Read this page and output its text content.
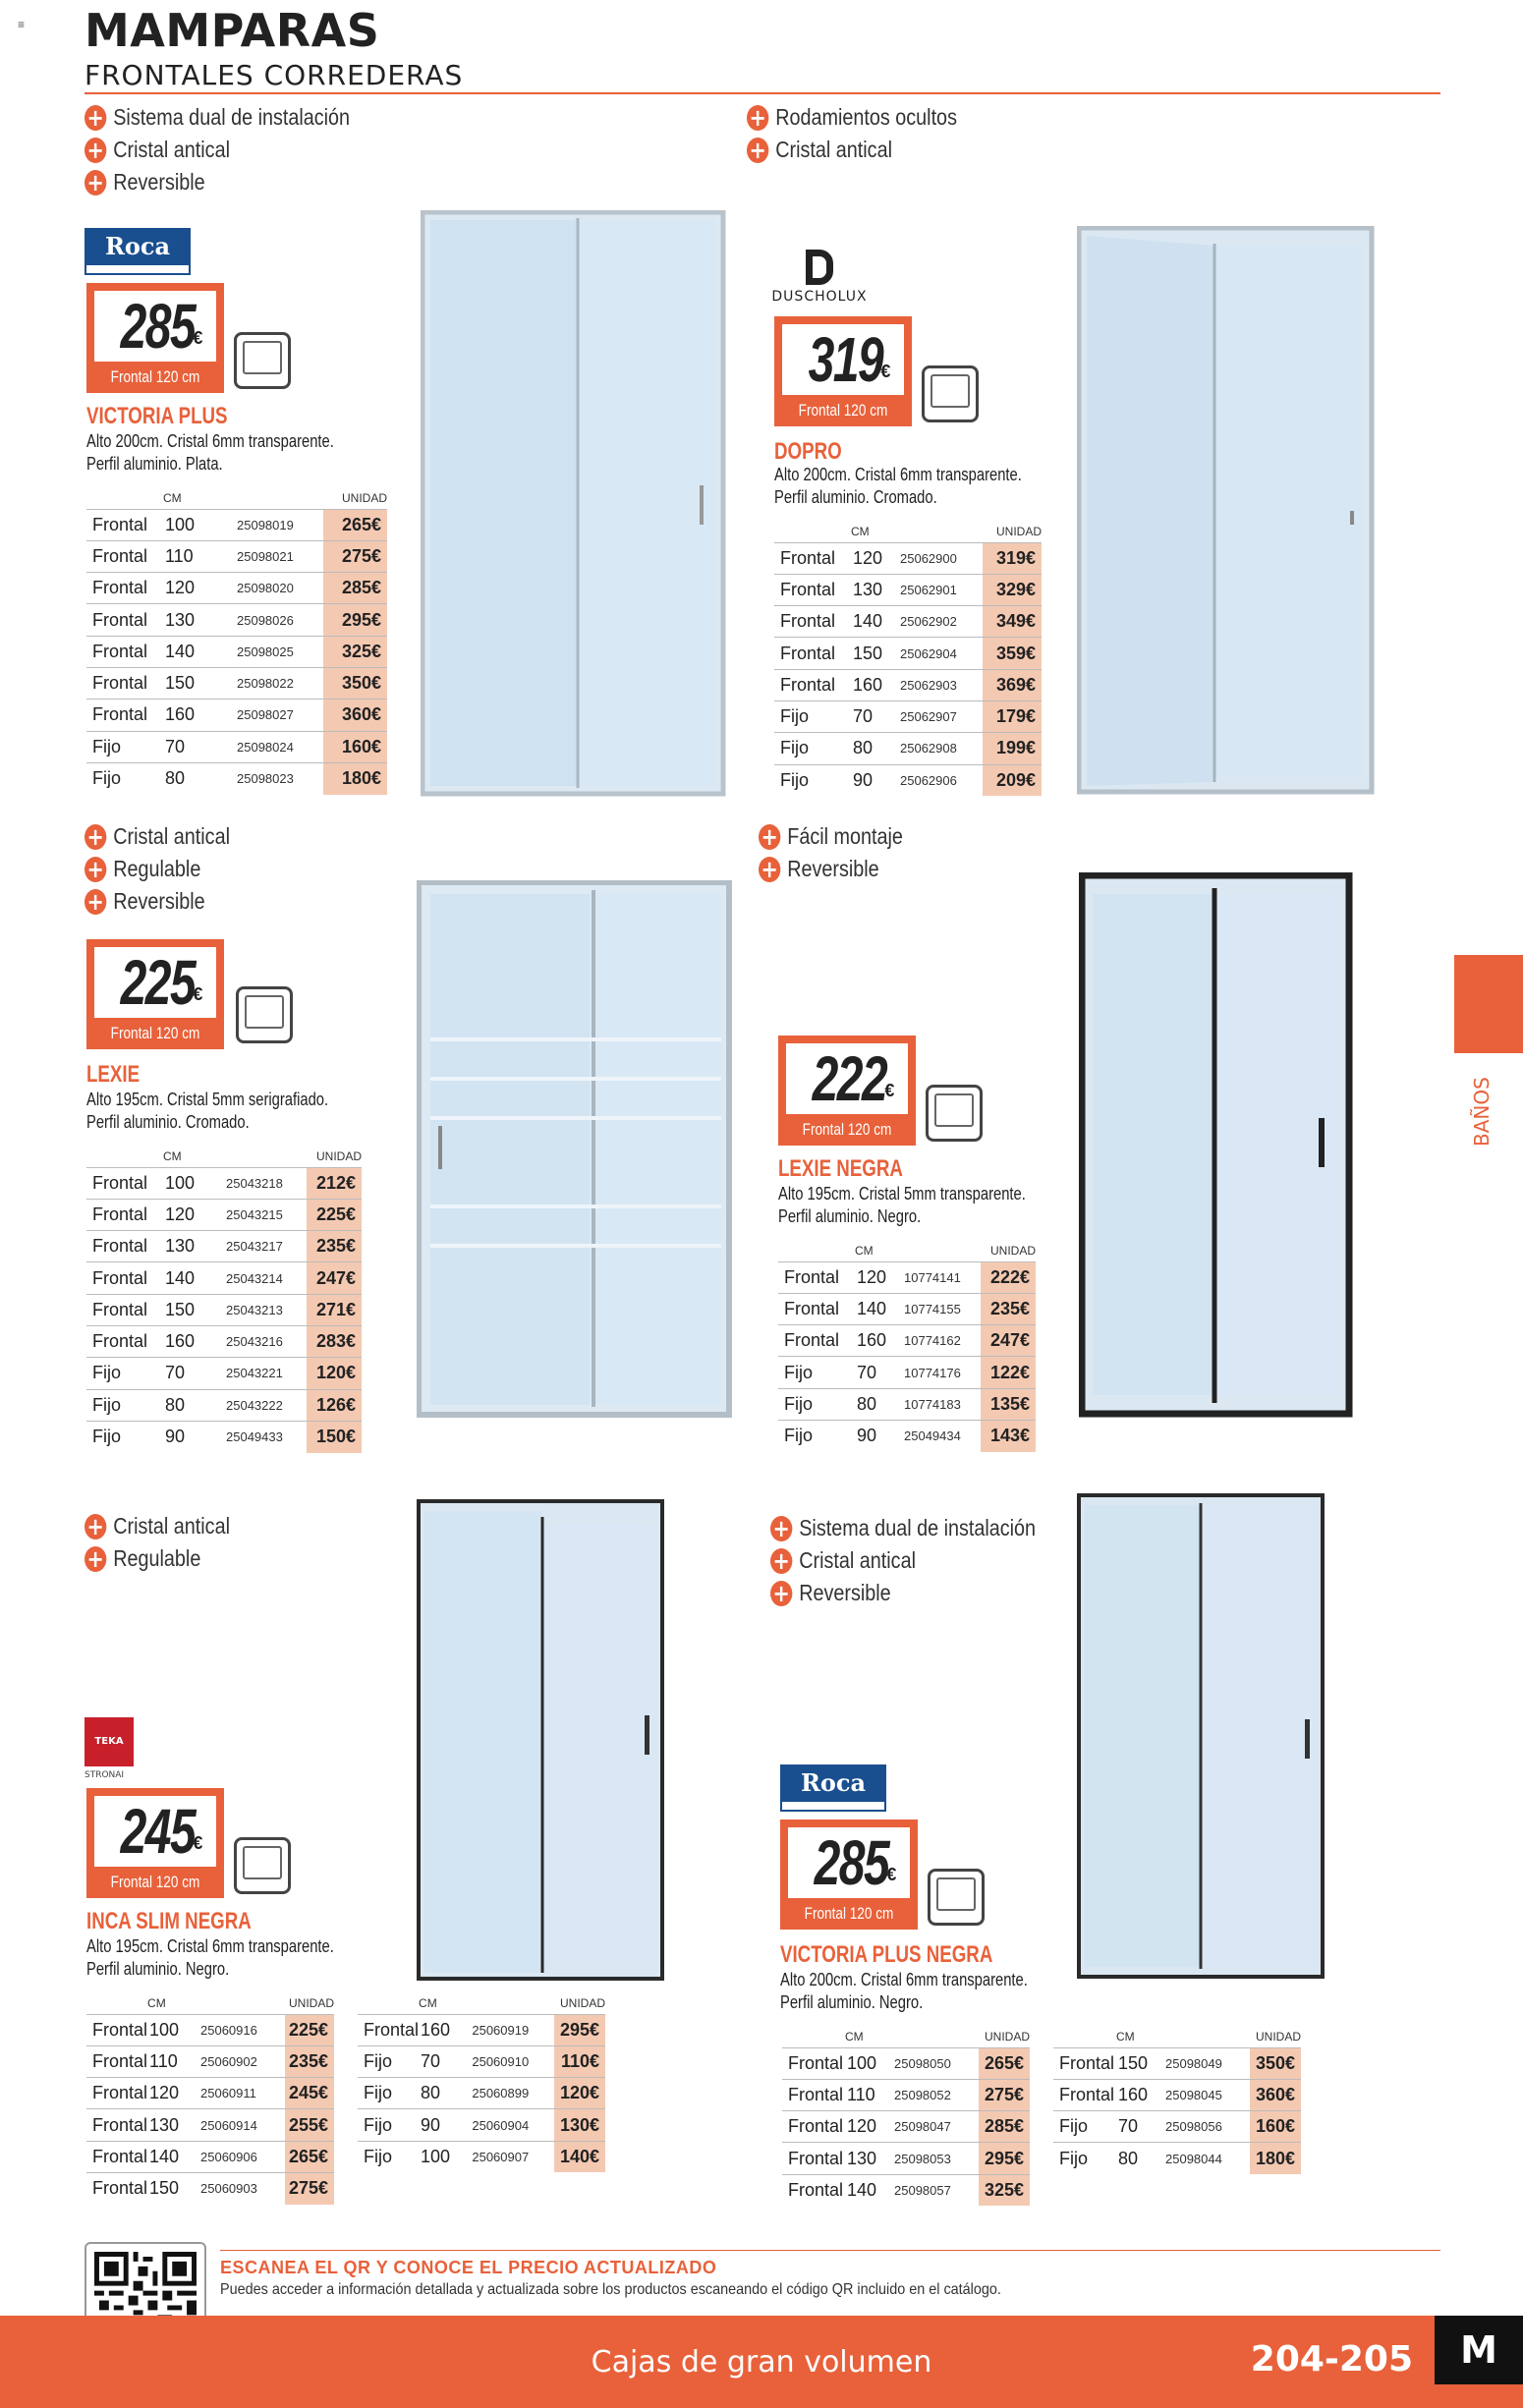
≡ MAMPARAS
FRONTALES CORREDERAS
+ Sistema dual de instalación
+ Cristal antical
+ Reversible
Roca
285
€
Frontal 120 cm
VICTORIA PLUS
Alto 200cm. Cristal 6mm transparente.
Perfil aluminio. Plata.
	CM		UNIDAD
Frontal	100	25098019	265€
Frontal	110	25098021	275€
Frontal	120	25098020	285€
Frontal	130	25098026	295€
Frontal	140	25098025	325€
Frontal	150	25098022	350€
Frontal	160	25098027	360€
Fijo	70	25098024	160€
Fijo	80	25098023	180€
+ Rodamientos ocultos
+ Cristal antical
DUSCHOLUX
319
€
Frontal 120 cm
DOPRO
Alto 200cm. Cristal 6mm transparente.
Perfil aluminio. Cromado.
	CM		UNIDAD
Frontal	120	25062900	319€
Frontal	130	25062901	329€
Frontal	140	25062902	349€
Frontal	150	25062904	359€
Frontal	160	25062903	369€
Fijo	70	25062907	179€
Fijo	80	25062908	199€
Fijo	90	25062906	209€
+ Cristal antical
+ Regulable
+ Reversible
225
€
Frontal 120 cm
LEXIE
Alto 195cm. Cristal 5mm serigrafiado.
Perfil aluminio. Cromado.
	CM		UNIDAD
Frontal	100	25043218	212€
Frontal	120	25043215	225€
Frontal	130	25043217	235€
Frontal	140	25043214	247€
Frontal	150	25043213	271€
Frontal	160	25043216	283€
Fijo	70	25043221	120€
Fijo	80	25043222	126€
Fijo	90	25049433	150€
+ Fácil montaje
+ Reversible
222
€
Frontal 120 cm
LEXIE NEGRA
Alto 195cm. Cristal 5mm transparente.
Perfil aluminio. Negro.
	CM		UNIDAD
Frontal	120	10774141	222€
Frontal	140	10774155	235€
Frontal	160	10774162	247€
Fijo	70	10774176	122€
Fijo	80	10774183	135€
Fijo	90	25049434	143€
+ Cristal antical
+ Regulable
TEKA
STRONAI
245
€
Frontal 120 cm
INCA SLIM NEGRA
Alto 195cm. Cristal 6mm transparente.
Perfil aluminio. Negro.
	CM		UNIDAD
Frontal	100	25060916	225€
Frontal	110	25060902	235€
Frontal	120	25060911	245€
Frontal	130	25060914	255€
Frontal	140	25060906	265€
Frontal	150	25060903	275€
	CM		UNIDAD
Frontal	160	25060919	295€
Fijo	70	25060910	110€
Fijo	80	25060899	120€
Fijo	90	25060904	130€
Fijo	100	25060907	140€
+ Sistema dual de instalación
+ Cristal antical
+ Reversible
Roca
285
€
Frontal 120 cm
VICTORIA PLUS NEGRA
Alto 200cm. Cristal 6mm transparente.
Perfil aluminio. Negro.
	CM		UNIDAD
Frontal	100	25098050	265€
Frontal	110	25098052	275€
Frontal	120	25098047	285€
Frontal	130	25098053	295€
Frontal	140	25098057	325€
	CM		UNIDAD
Frontal	150	25098049	350€
Frontal	160	25098045	360€
Fijo	70	25098056	160€
Fijo	80	25098044	180€
BAÑOS
ESCANEA EL QR Y CONOCE EL PRECIO ACTUALIZADO
Puedes acceder a información detallada y actualizada sobre los productos escaneando el código QR incluido en el catálogo.
Cajas de gran volumen	204-205	M
